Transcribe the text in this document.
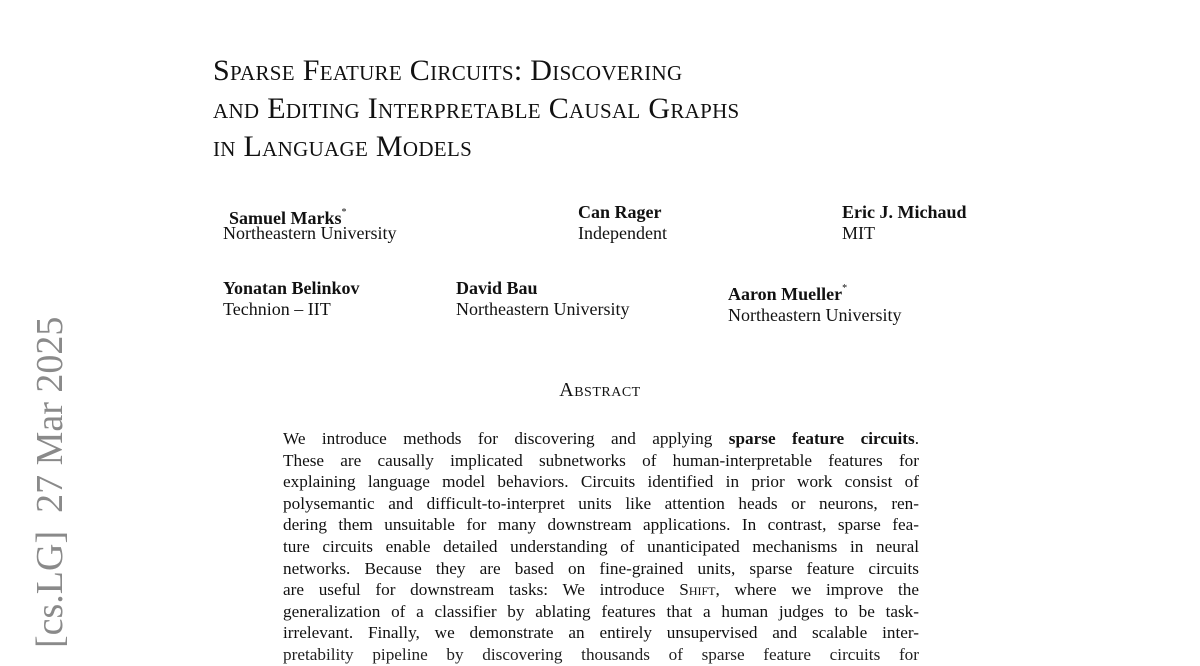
[cs.LG]27 Mar 2025
Sparse Feature Circuits: Discovering
and Editing Interpretable Causal Graphs
in Language Models
Samuel Marks*
Northeastern University
Can Rager
Independent
Eric J. Michaud
MIT
Yonatan Belinkov
Technion – IIT
David Bau
Northeastern University
Aaron Mueller*
Northeastern University
Abstract
We introduce methods for discovering and applying sparse feature circuits.
These are causally implicated subnetworks of human-interpretable features for
explaining language model behaviors. Circuits identified in prior work consist of
polysemantic and difficult-to-interpret units like attention heads or neurons, ren-
dering them unsuitable for many downstream applications. In contrast, sparse fea-
ture circuits enable detailed understanding of unanticipated mechanisms in neural
networks. Because they are based on fine-grained units, sparse feature circuits
are useful for downstream tasks: We introduce Shift, where we improve the
generalization of a classifier by ablating features that a human judges to be task-
irrelevant. Finally, we demonstrate an entirely unsupervised and scalable inter-
pretability pipeline by discovering thousands of sparse feature circuits for
